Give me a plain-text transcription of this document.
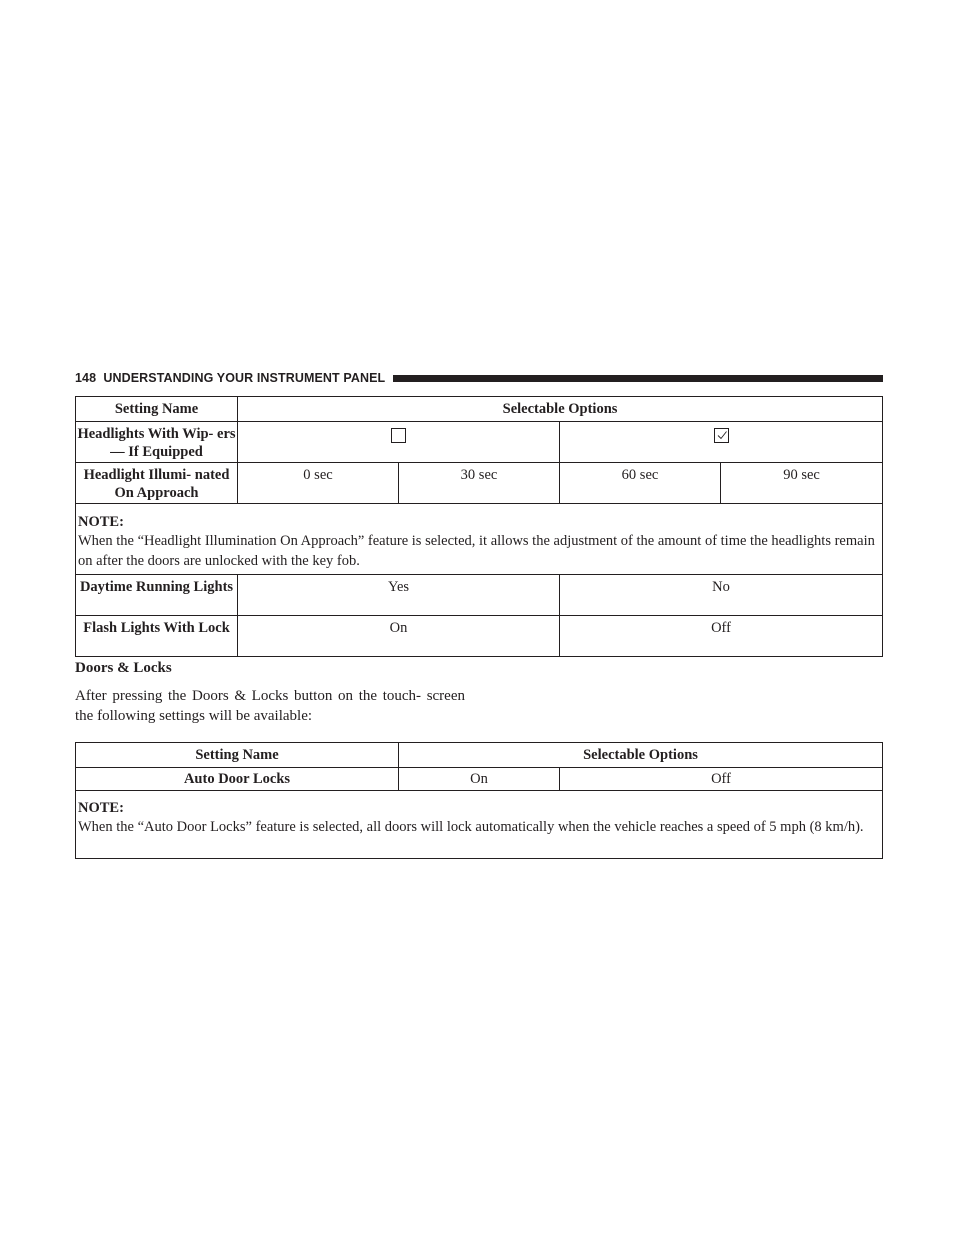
148 UNDERSTANDING YOUR INSTRUMENT PANEL
Setting Name	Selectable Options			
Headlights With Wip- ers — If Equipped		

Headlight Illumi- nated On Approach	0 sec	30 sec	60 sec	90 sec

NOTE:
When the “Headlight Illumination On Approach” feature is selected, it allows the adjustment of the amount of time the headlights remain on after the doors are unlocked with the key fob.				

Daytime Running Lights	Yes		No	
Flash Lights With Lock	On		Off	
Doors & Locks
After pressing the Doors & Locks button on the touch- screen the following settings will be available:
Setting Name	Selectable Options	
Auto Door Locks	On	Off

NOTE:
When the “Auto Door Locks” feature is selected, all doors will lock automatically when the vehicle reaches a speed of 5 mph (8 km/h).		
